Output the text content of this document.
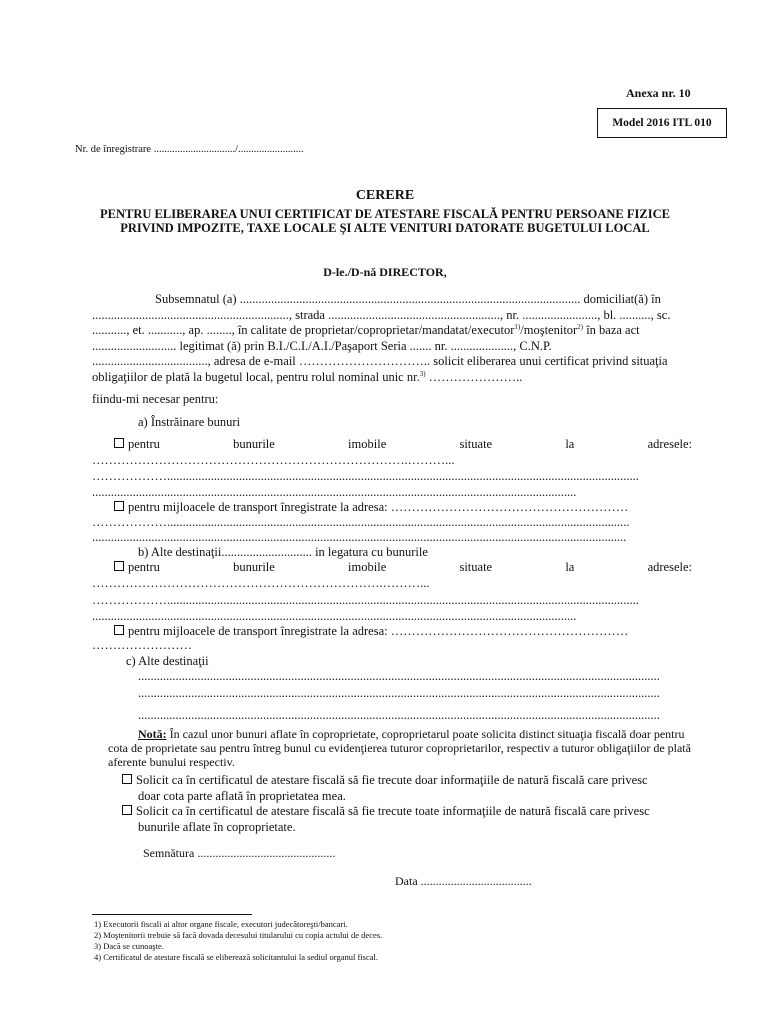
Anexa nr. 10
Model 2016 ITL 010
Nr. de înregistrare .............................../.........................
CERERE
PENTRU ELIBERAREA UNUI CERTIFICAT DE ATESTARE FISCALĂ PENTRU PERSOANE FIZICE
PRIVIND IMPOZITE, TAXE LOCALE ŞI ALTE VENITURI DATORATE BUGETULUI LOCAL
D-le./D-nă DIRECTOR,
Subsemnatul (a) ............................................................................................................. domiciliat(ă) în
..............................................................., strada ......................................................., nr. ........................, bl. .........., sc.
..........., et. ..........., ap. ........, în calitate de proprietar/coproprietar/mandatat/executor$^{1)}$/moştenitor$^{2)}$ în baza act
........................... legitimat (ă) prin B.I./C.I./A.I./Paşaport Seria ....... nr. ...................., C.N.P.
....................................., adresa de e-mail ………………………….. solicit eliberarea unui certificat privind situaţia
obligaţiilor de plată la bugetul local, pentru rolul nominal unic nr.$^{3)}$ …………………..
fiindu-mi necesar pentru:
a) Înstrăinare bunuri
pentru	bunurile	imobile	situate	la	adresele:
………………………………………………………………….………...
……………….......................................................................................................................................................
...........................................................................................................................................................
pentru mijloacele de transport înregistrate la adresa: …………………………………………………
………………....................................................................................................................................................
...........................................................................................................................................................................
b) Alte destinaţii............................. in legatura cu bunurile
pentru	bunurile	imobile	situate	la	adresele:
…………………………………………………………….………...
……………….......................................................................................................................................................
...........................................................................................................................................................
pentru mijloacele de transport înregistrate la adresa: …………………………………………………
……………………
c) Alte destinaţii
.......................................................................................................................................................................
.......................................................................................................................................................................
.......................................................................................................................................................................
Notă: În cazul unor bunuri aflate în coproprietate, coproprietarul poate solicita distinct situaţia fiscală doar pentru
cota de proprietate sau pentru întreg bunul cu evidenţierea tuturor coproprietarilor, respectiv a tuturor obligaţiilor de plată
aferente bunului respectiv.
Solicit ca în certificatul de atestare fiscală să fie trecute doar informaţiile de natură fiscală care privesc
doar cota parte aflată în proprietatea mea.
Solicit ca în certificatul de atestare fiscală să fie trecute toate informaţiile de natură fiscală care privesc
bunurile aflate în coproprietate.
Semnătura ..............................................
Data .....................................
1) Executorii fiscali ai altor organe fiscale, executori judecătoreşti/bancari.
2) Moştenitorii trebuie să facă dovada decesului titularului cu copia actului de deces.
3) Dacă se cunoaşte.
4) Certificatul de atestare fiscală se eliberează solicitantului la sediul organul fiscal.
